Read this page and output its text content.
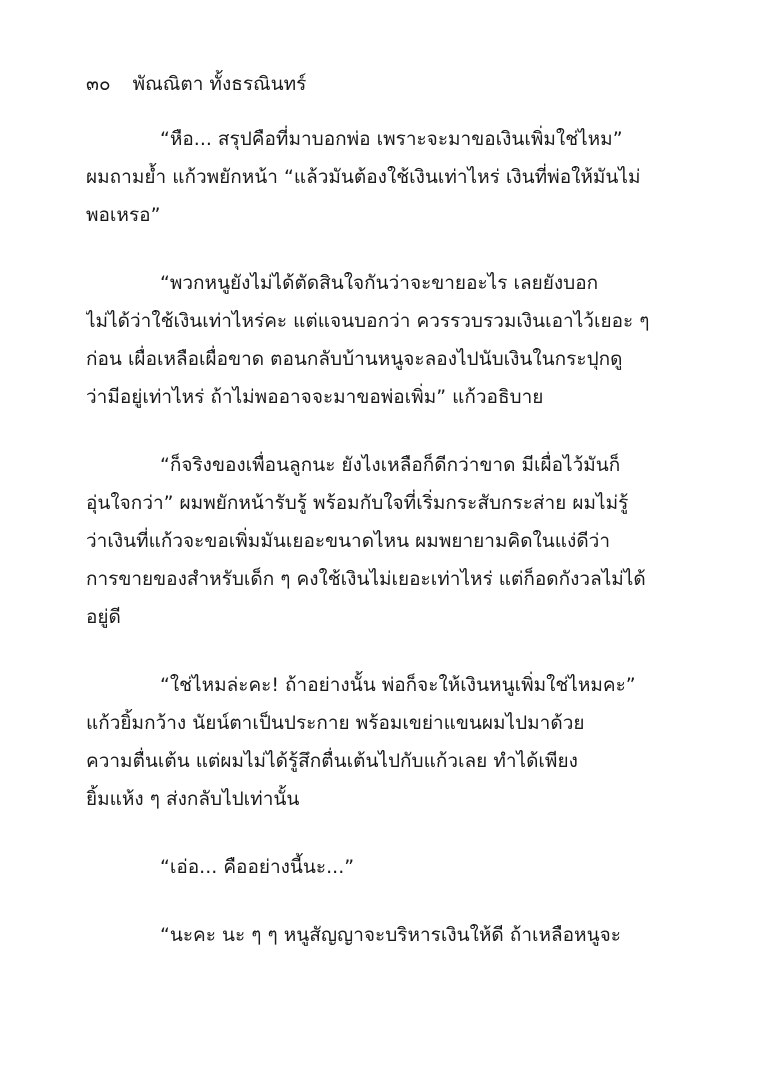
๓๐ พัณณิตา ทั้งธรณินทร์
“หือ... สรุปคือที่มาบอกพ่อ เพราะจะมาขอเงินเพิ่มใช่ไหม”
ผมถามย้ำ แก้วพยักหน้า “แล้วมันต้องใช้เงินเท่าไหร่ เงินที่พ่อให้มันไม่
พอเหรอ”
“พวกหนูยังไม่ได้ตัดสินใจกันว่าจะขายอะไร เลยยังบอก
ไม่ได้ว่าใช้เงินเท่าไหร่คะ แต่แจนบอกว่า ควรรวบรวมเงินเอาไว้เยอะ ๆ
ก่อน เผื่อเหลือเผื่อขาด ตอนกลับบ้านหนูจะลองไปนับเงินในกระปุกดู
ว่ามีอยู่เท่าไหร่ ถ้าไม่พออาจจะมาขอพ่อเพิ่ม” แก้วอธิบาย
“ก็จริงของเพื่อนลูกนะ ยังไงเหลือก็ดีกว่าขาด มีเผื่อไว้มันก็
อุ่นใจกว่า” ผมพยักหน้ารับรู้ พร้อมกับใจที่เริ่มกระสับกระส่าย ผมไม่รู้
ว่าเงินที่แก้วจะขอเพิ่มมันเยอะขนาดไหน ผมพยายามคิดในแง่ดีว่า
การขายของสำหรับเด็ก ๆ คงใช้เงินไม่เยอะเท่าไหร่ แต่ก็อดกังวลไม่ได้
อยู่ดี
“ใช่ไหมล่ะคะ! ถ้าอย่างนั้น พ่อก็จะให้เงินหนูเพิ่มใช่ไหมคะ”
แก้วยิ้มกว้าง นัยน์ตาเป็นประกาย พร้อมเขย่าแขนผมไปมาด้วย
ความตื่นเต้น แต่ผมไม่ได้รู้สึกตื่นเต้นไปกับแก้วเลย ทำได้เพียง
ยิ้มแห้ง ๆ ส่งกลับไปเท่านั้น
“เอ่อ... คืออย่างนี้นะ...”
“นะคะ นะ ๆ ๆ หนูสัญญาจะบริหารเงินให้ดี ถ้าเหลือหนูจะ
